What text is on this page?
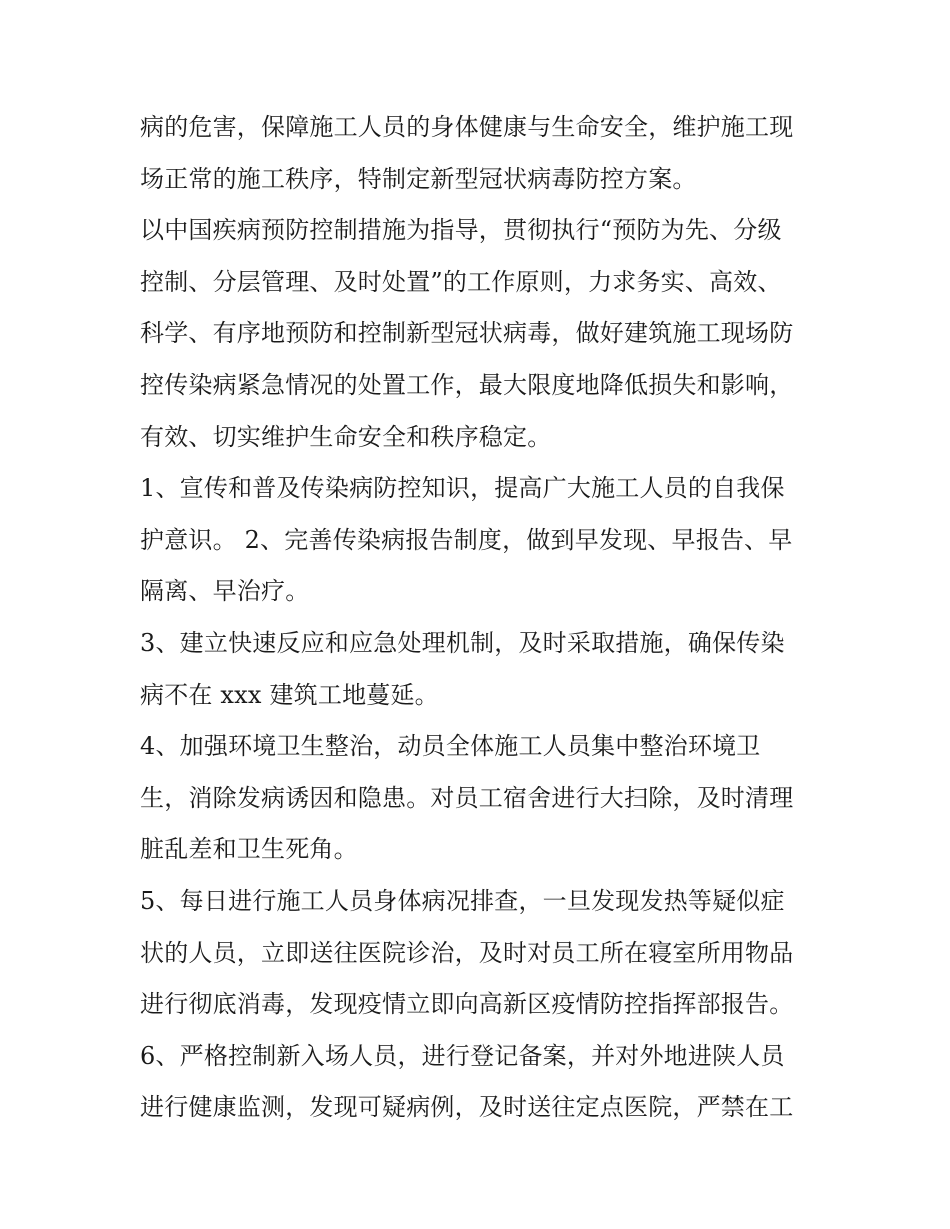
病的危害，保障施工人员的身体健康与生命安全，维护施工现
场正常的施工秩序，特制定新型冠状病毒防控方案。
以中国疾病预防控制措施为指导，贯彻执行“预防为先、分级
控制、分层管理、及时处置”的工作原则，力求务实、高效、
科学、有序地预防和控制新型冠状病毒，做好建筑施工现场防
控传染病紧急情况的处置工作，最大限度地降低损失和影响，
有效、切实维护生命安全和秩序稳定。
1、宣传和普及传染病防控知识，提高广大施工人员的自我保
护意识。 2、完善传染病报告制度，做到早发现、早报告、早
隔离、早治疗。
3、建立快速反应和应急处理机制，及时采取措施，确保传染
病不在 xxx 建筑工地蔓延。
4、加强环境卫生整治，动员全体施工人员集中整治环境卫
生，消除发病诱因和隐患。对员工宿舍进行大扫除，及时清理
脏乱差和卫生死角。
5、每日进行施工人员身体病况排查，一旦发现发热等疑似症
状的人员，立即送往医院诊治，及时对员工所在寝室所用物品
进行彻底消毒，发现疫情立即向高新区疫情防控指挥部报告。
6、严格控制新入场人员，进行登记备案，并对外地进陕人员
进行健康监测，发现可疑病例，及时送往定点医院，严禁在工
